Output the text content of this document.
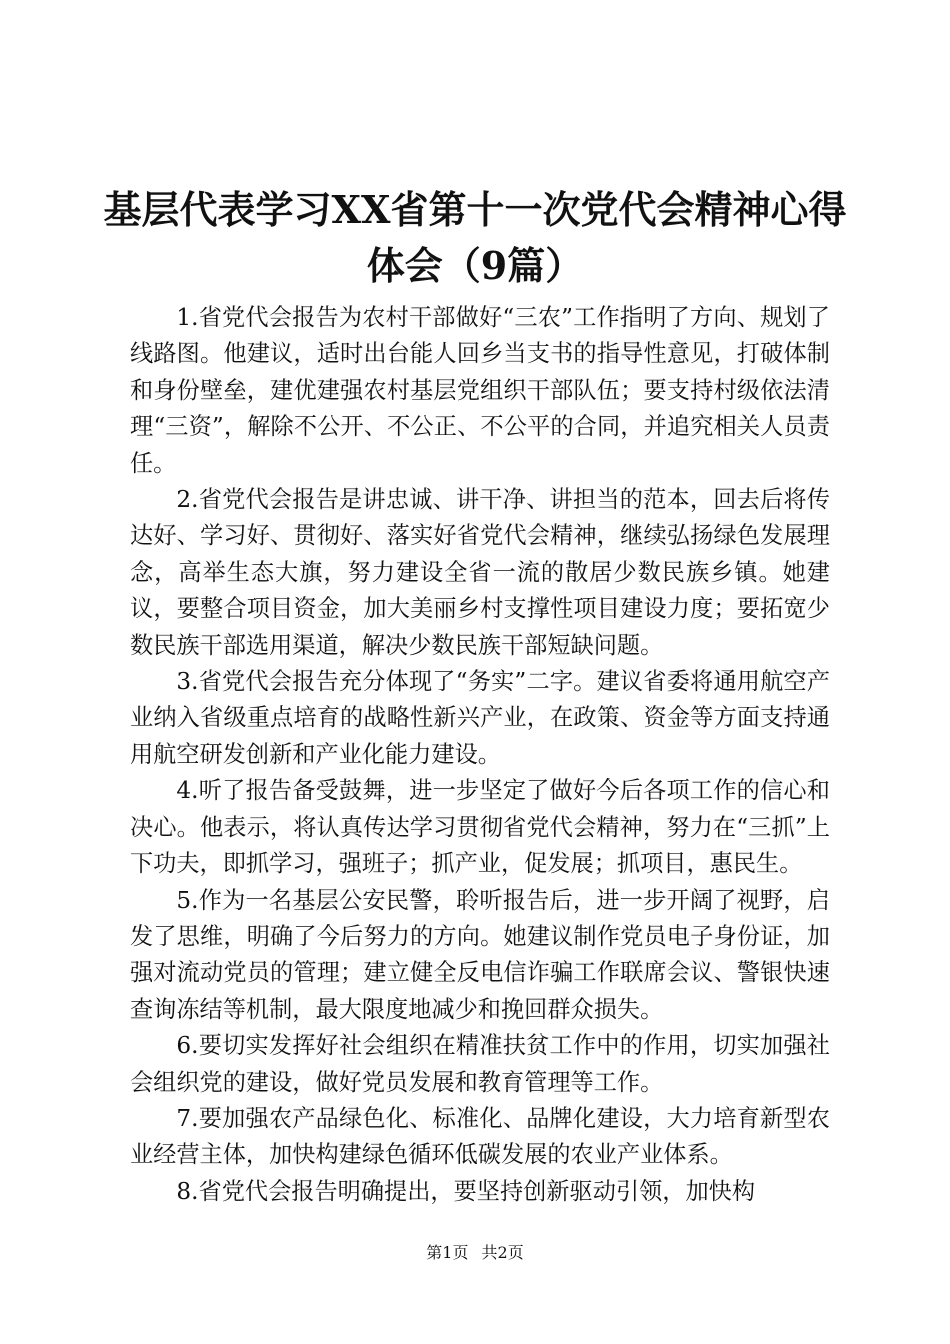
基层代表学习XX省第十一次党代会精神心得
体会（9篇）

1.省党代会报告为农村干部做好“三农”工作指明了方向、规划了线路图。他建议，适时出台能人回乡当支书的指导性意见，打破体制和身份壁垒，建优建强农村基层党组织干部队伍；要支持村级依法清理“三资”，解除不公开、不公正、不公平的合同，并追究相关人员责任。

2.省党代会报告是讲忠诚、讲干净、讲担当的范本，回去后将传达好、学习好、贯彻好、落实好省党代会精神，继续弘扬绿色发展理念，高举生态大旗，努力建设全省一流的散居少数民族乡镇。她建议，要整合项目资金，加大美丽乡村支撑性项目建设力度；要拓宽少数民族干部选用渠道，解决少数民族干部短缺问题。

3.省党代会报告充分体现了“务实”二字。建议省委将通用航空产业纳入省级重点培育的战略性新兴产业，在政策、资金等方面支持通用航空研发创新和产业化能力建设。

4.听了报告备受鼓舞，进一步坚定了做好今后各项工作的信心和决心。他表示，将认真传达学习贯彻省党代会精神，努力在“三抓”上下功夫，即抓学习，强班子；抓产业，促发展；抓项目，惠民生。

5.作为一名基层公安民警，聆听报告后，进一步开阔了视野，启发了思维，明确了今后努力的方向。她建议制作党员电子身份证，加强对流动党员的管理；建立健全反电信诈骗工作联席会议、警银快速查询冻结等机制，最大限度地减少和挽回群众损失。

6.要切实发挥好社会组织在精准扶贫工作中的作用，切实加强社会组织党的建设，做好党员发展和教育管理等工作。

7.要加强农产品绿色化、标准化、品牌化建设，大力培育新型农业经营主体，加快构建绿色循环低碳发展的农业产业体系。

8.省党代会报告明确提出，要坚持创新驱动引领，加快构

第1页 共2页
